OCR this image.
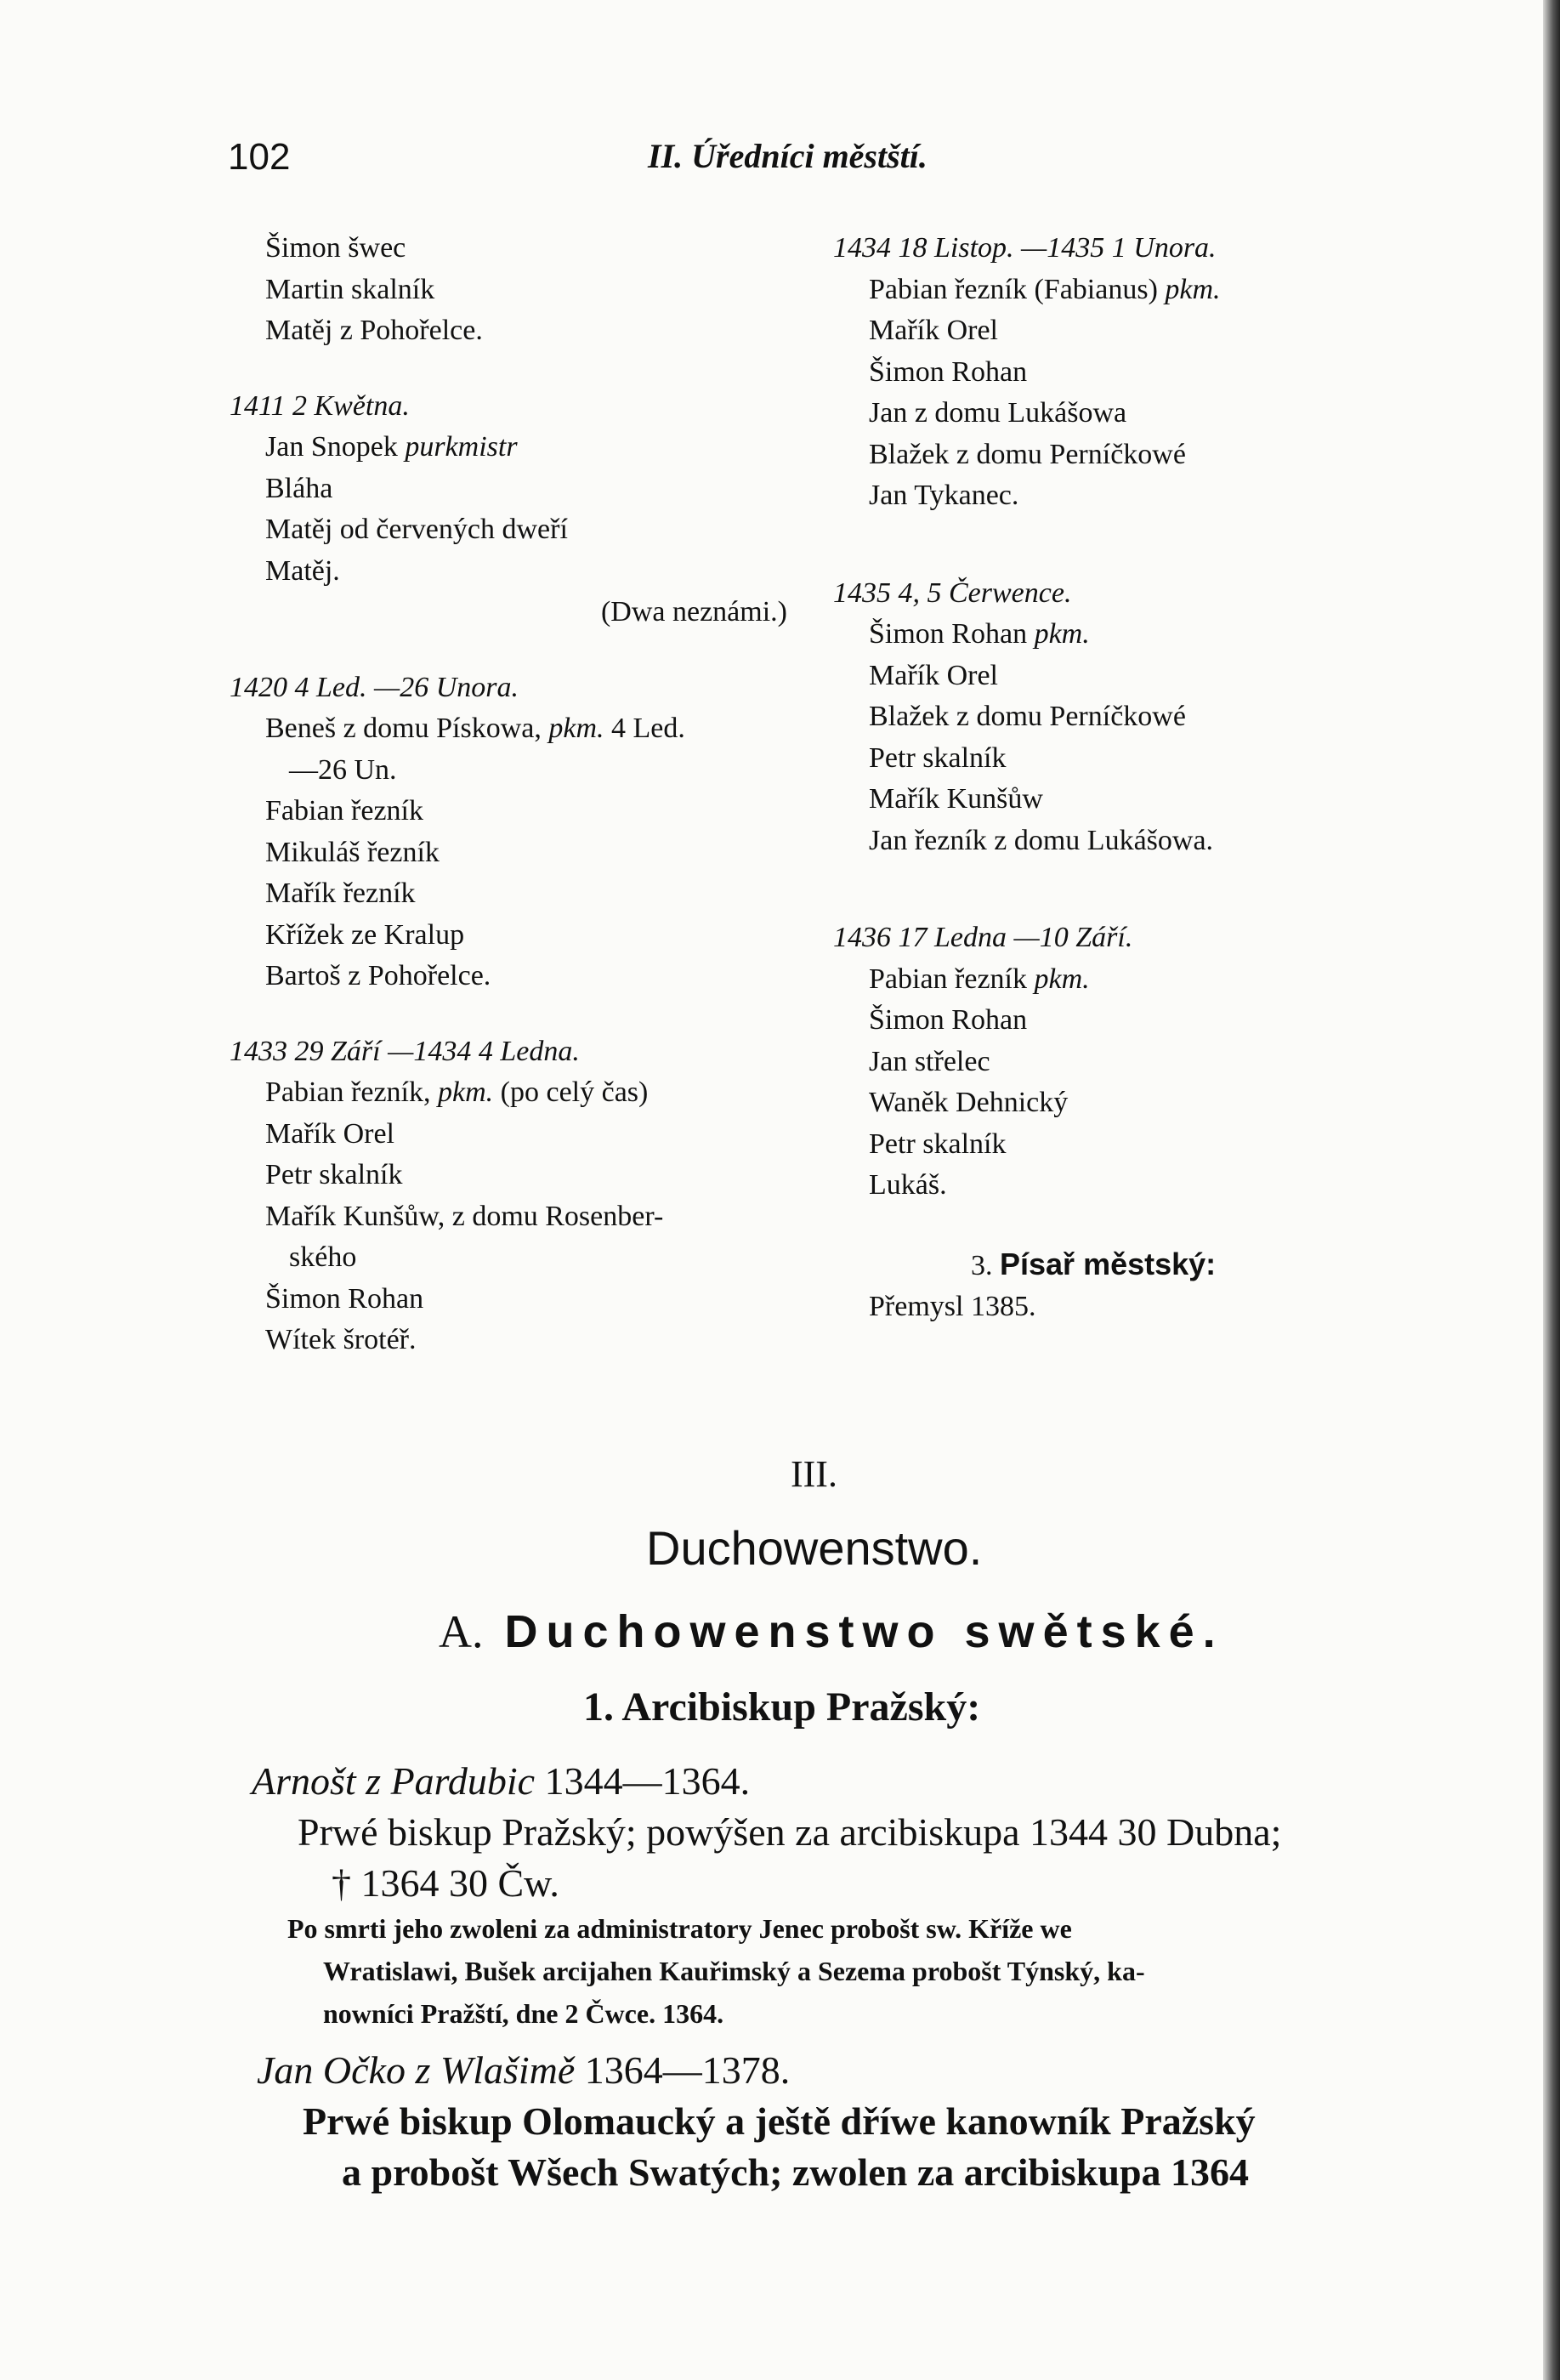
102	II. Úředníci městští.
Šimon šwec
Martin skalník
Matěj z Pohořelce.
1411 2 Kwětna.
Jan Snopek purkmistr
Bláha
Matěj od červených dweří
Matěj.
(Dwa neznámi.)
1420 4 Led. —26 Unora.
Beneš z domu Pískowa, pkm. 4 Led.
—26 Un.
Fabian řezník
Mikuláš řezník
Mařík řezník
Křížek ze Kralup
Bartoš z Pohořelce.
1433 29 Září —1434 4 Ledna.
Pabian řezník, pkm. (po celý čas)
Mařík Orel
Petr skalník
Mařík Kunšůw, z domu Rosenber-
ského
Šimon Rohan
Wítek šrotéř.
1434 18 Listop. —1435 1 Unora.
Pabian řezník (Fabianus) pkm.
Mařík Orel
Šimon Rohan
Jan z domu Lukášowa
Blažek z domu Perníčkowé
Jan Tykanec.
1435 4, 5 Čerwence.
Šimon Rohan pkm.
Mařík Orel
Blažek z domu Perníčkowé
Petr skalník
Mařík Kunšůw
Jan řezník z domu Lukášowa.
1436 17 Ledna —10 Září.
Pabian řezník pkm.
Šimon Rohan
Jan střelec
Waněk Dehnický
Petr skalník
Lukáš.
3. Písař městský:
Přemysl 1385.
III.
Duchowenstwo.
A. Duchowenstwo swětské.
1. Arcibiskup Pražský:
Arnošt z Pardubic 1344—1364.
Prwé biskup Pražský; powýšen za arcibiskupa 1344 30 Dubna;
† 1364 30 Čw.
Po smrti jeho zwoleni za administratory Jenec probošt sw. Kříže we
Wratislawi, Bušek arcijahen Kauřimský a Sezema probošt Týnský, ka-
nowníci Pražští, dne 2 Čwce. 1364.
Jan Očko z Wlašimě 1364—1378.
Prwé biskup Olomaucký a ještě dříwe kanowník Pražský
a probošt Wšech Swatých; zwolen za arcibiskupa 1364
